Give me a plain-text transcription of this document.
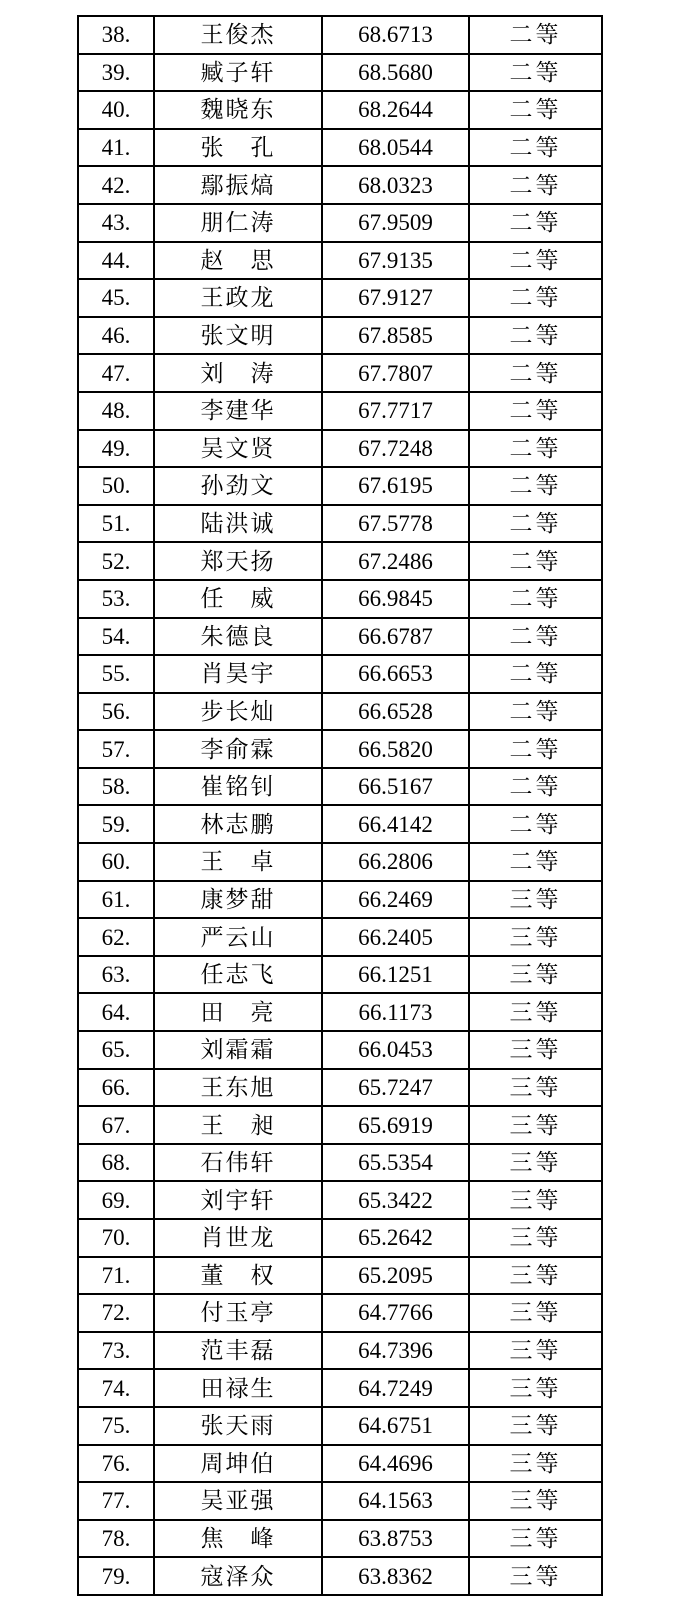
38.	王俊杰	68.6713	二等
39.	臧子轩	68.5680	二等
40.	魏晓东	68.2644	二等
41.	张　孔	68.0544	二等
42.	鄢振熇	68.0323	二等
43.	朋仁涛	67.9509	二等
44.	赵　思	67.9135	二等
45.	王政龙	67.9127	二等
46.	张文明	67.8585	二等
47.	刘　涛	67.7807	二等
48.	李建华	67.7717	二等
49.	吴文贤	67.7248	二等
50.	孙劲文	67.6195	二等
51.	陆洪诚	67.5778	二等
52.	郑天扬	67.2486	二等
53.	任　威	66.9845	二等
54.	朱德良	66.6787	二等
55.	肖昊宇	66.6653	二等
56.	步长灿	66.6528	二等
57.	李俞霖	66.5820	二等
58.	崔铭钊	66.5167	二等
59.	林志鹏	66.4142	二等
60.	王　卓	66.2806	二等
61.	康梦甜	66.2469	三等
62.	严云山	66.2405	三等
63.	任志飞	66.1251	三等
64.	田　亮	66.1173	三等
65.	刘霜霜	66.0453	三等
66.	王东旭	65.7247	三等
67.	王　昶	65.6919	三等
68.	石伟轩	65.5354	三等
69.	刘宇轩	65.3422	三等
70.	肖世龙	65.2642	三等
71.	董　权	65.2095	三等
72.	付玉亭	64.7766	三等
73.	范丰磊	64.7396	三等
74.	田禄生	64.7249	三等
75.	张天雨	64.6751	三等
76.	周坤伯	64.4696	三等
77.	吴亚强	64.1563	三等
78.	焦　峰	63.8753	三等
79.	寇泽众	63.8362	三等
